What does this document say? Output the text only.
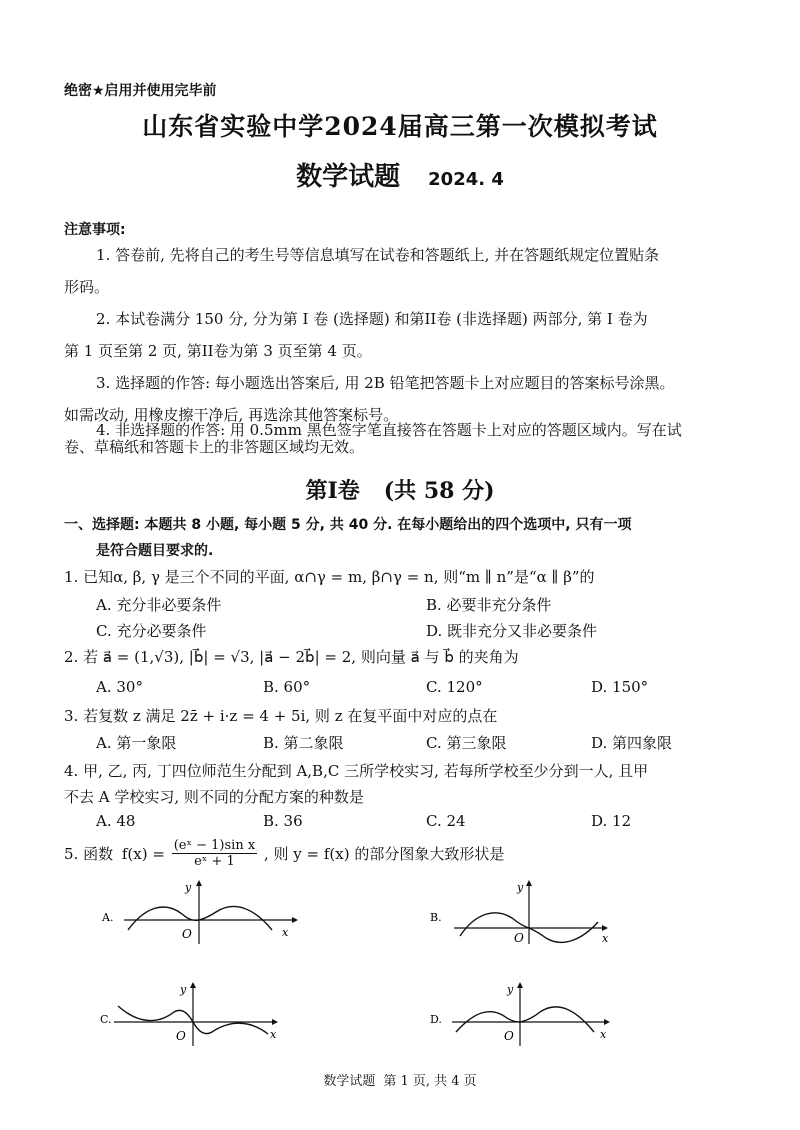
绝密★启用并使用完毕前
山东省实验中学2024届高三第一次模拟考试
数学试题 2024. 4
注意事项:
1. 答卷前, 先将自己的考生号等信息填写在试卷和答题纸上, 并在答题纸规定位置贴条
形码。
2. 本试卷满分 150 分, 分为第 I 卷 (选择题) 和第II卷 (非选择题) 两部分, 第 I 卷为
第 1 页至第 2 页, 第II卷为第 3 页至第 4 页。
3. 选择题的作答: 每小题选出答案后, 用 2B 铅笔把答题卡上对应题目的答案标号涂黑。
如需改动, 用橡皮擦干净后, 再选涂其他答案标号。
4. 非选择题的作答: 用 0.5mm 黑色签字笔直接答在答题卡上对应的答题区域内。写在试
卷、草稿纸和答题卡上的非答题区域均无效。
第I卷 (共 58 分)
一、选择题: 本题共 8 小题, 每小题 5 分, 共 40 分. 在每小题给出的四个选项中, 只有一项
是符合题目要求的.
1. 已知α, β, γ 是三个不同的平面, α∩γ = m, β∩γ = n, 则“m ∥ n”是“α ∥ β”的
A. 充分非必要条件	B. 必要非充分条件
C. 充分必要条件	D. 既非充分又非必要条件
2. 若 a⃗ = (1,√3), |b⃗| = √3, |a⃗ − 2b⃗| = 2, 则向量 a⃗ 与 b⃗ 的夹角为
A. 30°	B. 60°	C. 120°	D. 150°
3. 若复数 z 满足 2z̄ + i·z = 4 + 5i, 则 z 在复平面中对应的点在
A. 第一象限	B. 第二象限	C. 第三象限	D. 第四象限
4. 甲, 乙, 丙, 丁四位师范生分配到 A,B,C 三所学校实习, 若每所学校至少分到一人, 且甲
不去 A 学校实习, 则不同的分配方案的种数是
A. 48	B. 36	C. 24	D. 12
5. 函数 $f(x) = \frac{\text{(eˣ − 1)sin x}}{\text{eˣ + 1}}$ , 则 y = f(x) 的部分图象大致形状是
A.
y
x
O
B.
y
x
O
C.
y
x
O
D.
y
x
O
数学试题 第 1 页, 共 4 页
